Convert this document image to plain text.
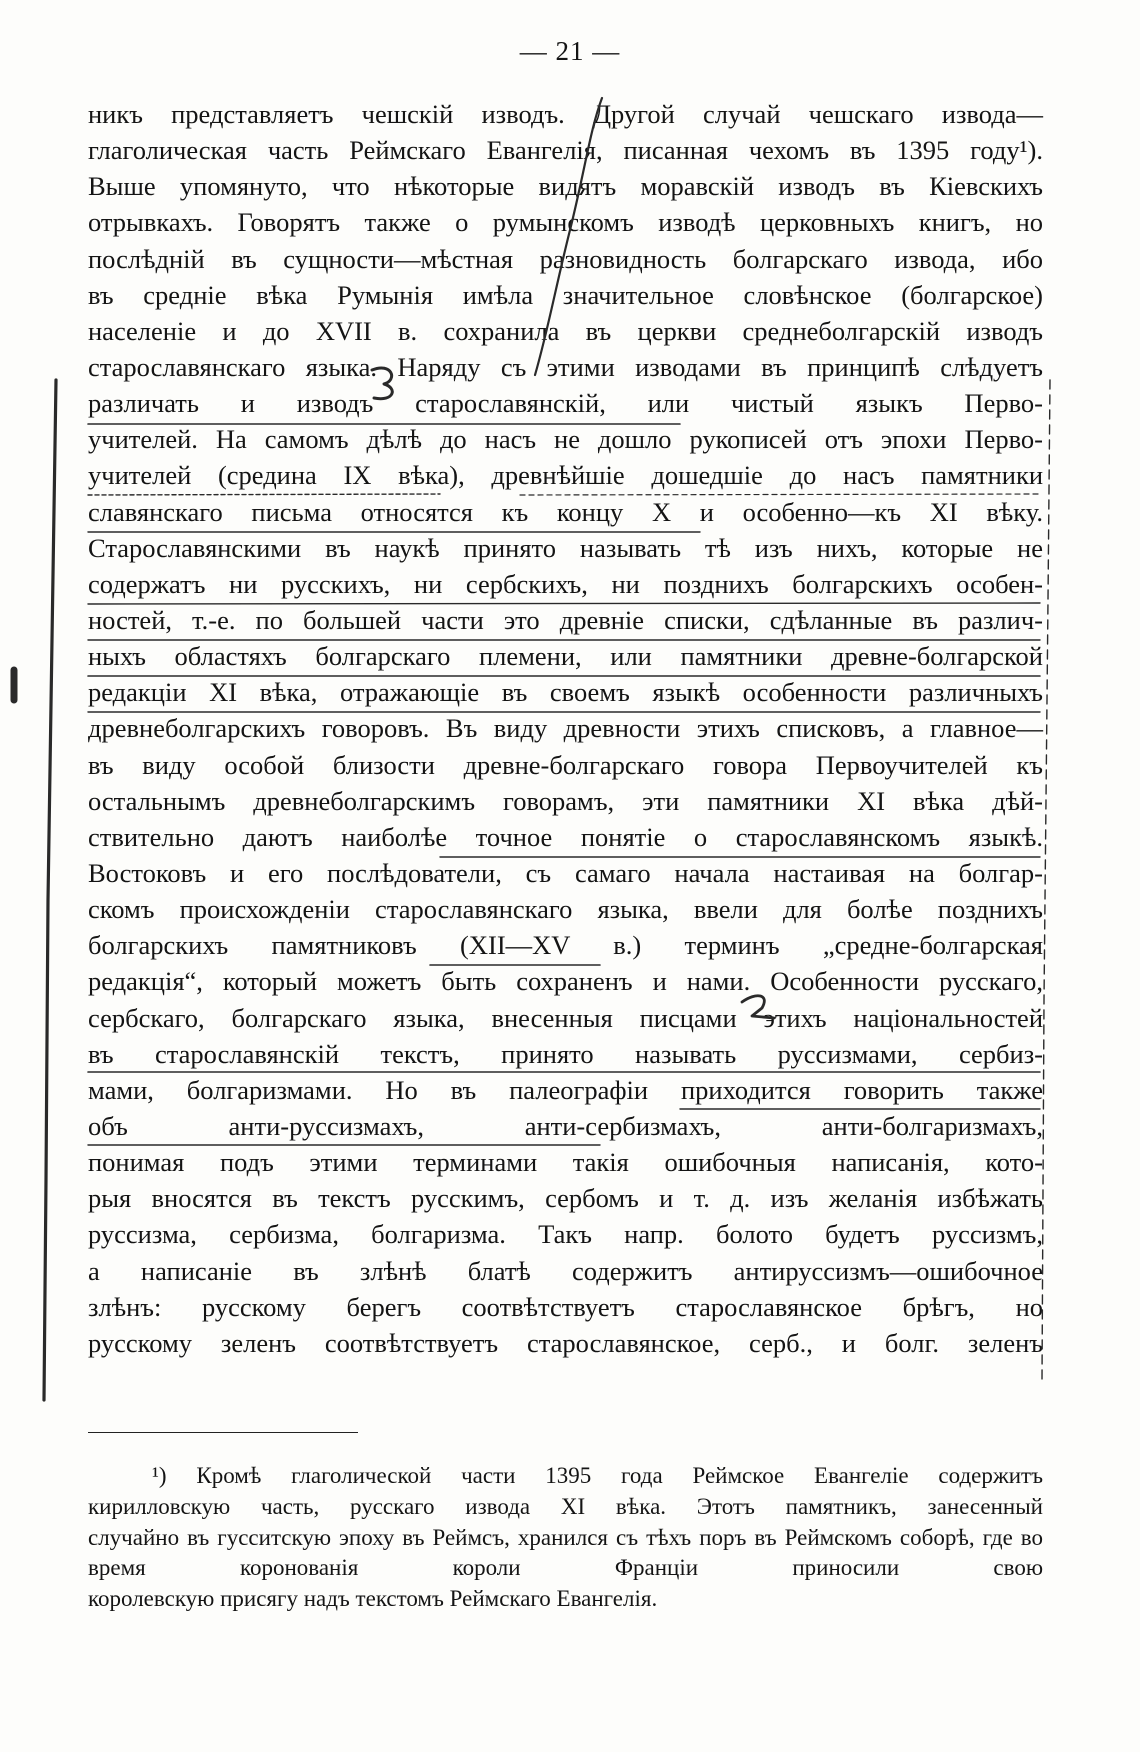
— 21 —
никъ представляетъ чешскій изводъ. Другой случай чешскаго извода—
глаголическая часть Реймскаго Евангелія, писанная чехомъ въ 1395 году¹).
Выше упомянуто, что нѣкоторые видятъ моравскій изводъ въ Кіевскихъ
отрывкахъ. Говорятъ также о румынскомъ изводѣ церковныхъ книгъ, но
послѣдній въ сущности—мѣстная разновидность болгарскаго извода, ибо
въ средніе вѣка Румынія имѣла значительное словѣнское (болгарское)
населеніе и до XVII в. сохранила въ церкви среднеболгарскій изводъ
старославянскаго языка. Наряду съ этими изводами въ принципѣ слѣдуетъ
различать и изводъ старославянскій, или чистый языкъ Перво-
учителей. На самомъ дѣлѣ до насъ не дошло рукописей отъ эпохи Перво-
учителей (средина IX вѣка), древнѣйшіе дошедшіе до насъ памятники
славянскаго письма относятся къ концу X и особенно—къ XI вѣку.
Старославянскими въ наукѣ принято называть тѣ изъ нихъ, которые не
содержатъ ни русскихъ, ни сербскихъ, ни позднихъ болгарскихъ особен-
ностей, т.-е. по большей части это древніе списки, сдѣланные въ различ-
ныхъ областяхъ болгарскаго племени, или памятники древне-болгарской
редакціи XI вѣка, отражающіе въ своемъ языкѣ особенности различныхъ
древнеболгарскихъ говоровъ. Въ виду древности этихъ списковъ, а главное—
въ виду особой близости древне-болгарскаго говора Первоучителей къ
остальнымъ древнеболгарскимъ говорамъ, эти памятники XI вѣка дѣй-
ствительно даютъ наиболѣе точное понятіе о старославянскомъ языкѣ.
Востоковъ и его послѣдователи, съ самаго начала настаивая на болгар-
скомъ происхожденіи старославянскаго языка, ввели для болѣе позднихъ
болгарскихъ памятниковъ (XII—XV в.) терминъ „средне-болгарская
редакція“, который можетъ быть сохраненъ и нами. Особенности русскаго,
сербскаго, болгарскаго языка, внесенныя писцами этихъ національностей
въ старославянскій текстъ, принято называть руссизмами, сербиз-
мами, болгаризмами. Но въ палеографіи приходится говорить также
объ анти-руссизмахъ, анти-сербизмахъ, анти-болгаризмахъ,
понимая подъ этими терминами такія ошибочныя написанія, кото-
рыя вносятся въ текстъ русскимъ, сербомъ и т. д. изъ желанія избѣжать
руссизма, сербизма, болгаризма. Такъ напр. болото будетъ руссизмъ,
а написаніе въ злѣнѣ блатѣ содержитъ антируссизмъ—ошибочное
злѣнъ: русскому берегъ соотвѣтствуетъ старославянское брѣгъ, но
русскому зеленъ соотвѣтствуетъ старославянское, серб., и болг. зеленъ
¹) Кромѣ глаголической части 1395 года Реймское Евангеліе содержитъ
кирилловскую часть, русскаго извода XI вѣка. Этотъ памятникъ, занесенный
случайно въ гусситскую эпоху въ Реймсъ, хранился съ тѣхъ поръ въ Реймскомъ соборѣ, где во время коронованія короли Франціи приносили свою
королевскую присягу надъ текстомъ Реймскаго Евангелія.
